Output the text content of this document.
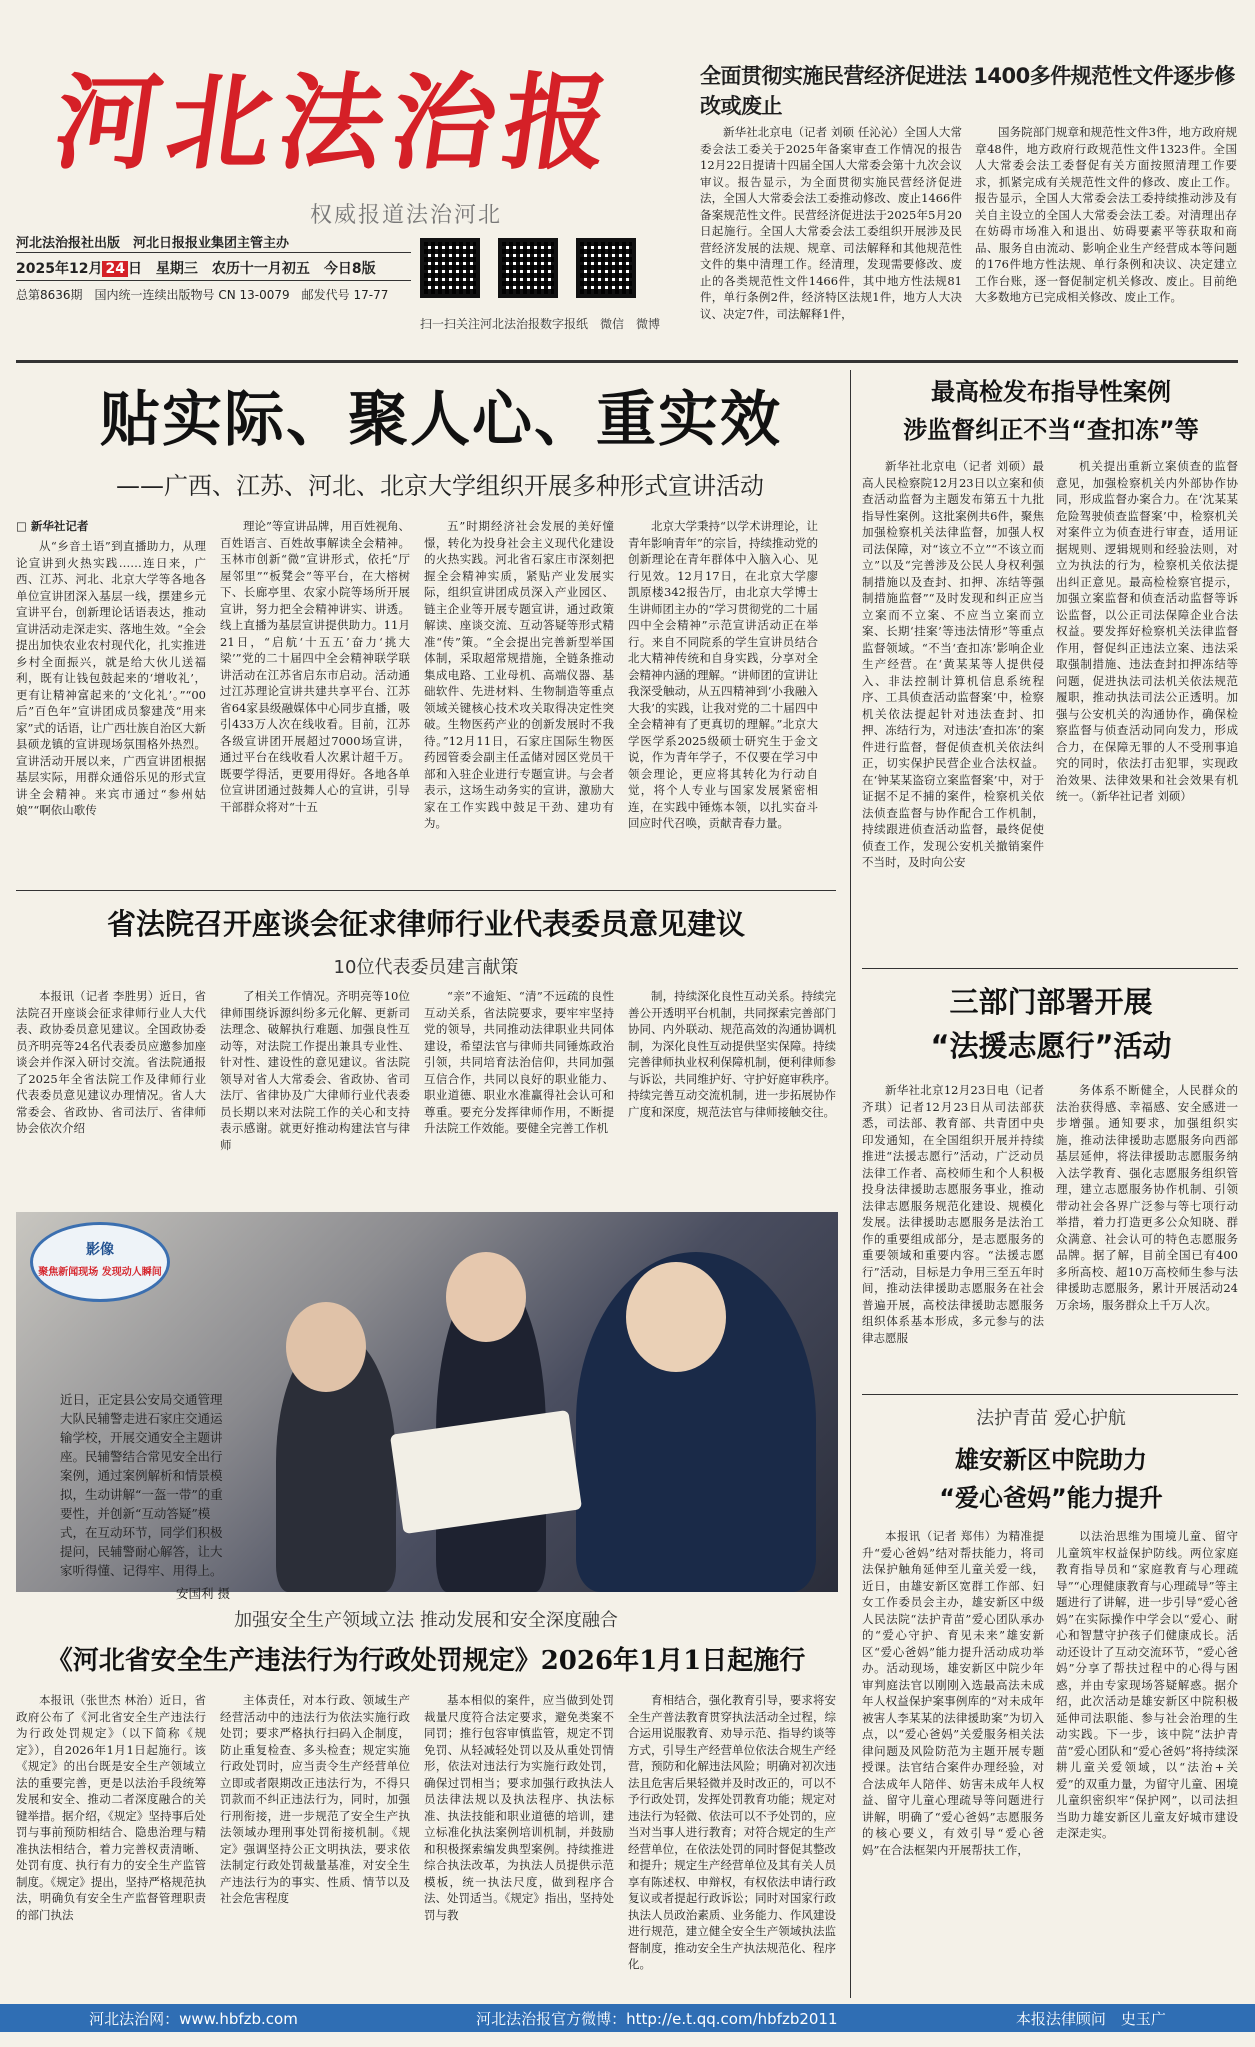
河北法治报
权威报道法治河北
河北法治报社出版　河北日报报业集团主管主办
2025年12月 24 日　星期三　农历十一月初五　今日8版
总第8636期　国内统一连续出版物号 CN 13-0079　邮发代号 17-77
扫一扫关注河北法治报数字报纸　微信　微博
全面贯彻实施民营经济促进法 1400多件规范性文件逐步修改或废止

新华社北京电（记者 刘硕 任沁沁）全国人大常委会法工委关于2025年备案审查工作情况的报告12月22日提请十四届全国人大常委会第十九次会议审议。报告显示，为全面贯彻实施民营经济促进法，全国人大常委会法工委推动修改、废止1466件备案规范性文件。民营经济促进法于2025年5月20日起施行。全国人大常委会法工委组织开展涉及民营经济发展的法规、规章、司法解释和其他规范性文件的集中清理工作。经清理，发现需要修改、废止的各类规范性文件1466件，其中地方性法规81件，单行条例2件，经济特区法规1件，地方人大决议、决定7件，司法解释1件，

国务院部门规章和规范性文件3件，地方政府规章48件，地方政府行政规范性文件1323件。全国人大常委会法工委督促有关方面按照清理工作要求，抓紧完成有关规范性文件的修改、废止工作。报告显示，全国人大常委会法工委持续推动涉及有关自主设立的全国人大常委会法工委。对清理出存在妨碍市场准入和退出、妨碍要素平等获取和商品、服务自由流动、影响企业生产经营成本等问题的176件地方性法规、单行条例和决议、决定建立工作台账，逐一督促制定机关修改、废止。目前绝大多数地方已完成相关修改、废止工作。

贴实际、聚人心、重实效
——广西、江苏、河北、北京大学组织开展多种形式宣讲活动
□ 新华社记者

从“乡音土语”到直播助力，从理论宣讲到火热实践……连日来，广西、江苏、河北、北京大学等各地各单位宣讲团深入基层一线，摆建乡元宣讲平台，创新理论话语表达，推动宣讲活动走深走实、落地生效。“全会提出加快农业农村现代化，扎实推进乡村全面振兴，就是给大伙儿送福利，既有让钱包鼓起来的‘增收礼’，更有让精神富起来的‘文化礼’。”“00后”百色年”宣讲团成员黎建茂“用来家”式的话语，让广西壮族自治区大新县硕龙镇的宣讲现场氛围格外热烈。宣讲活动开展以来，广西宣讲团根据基层实际，用群众通俗乐见的形式宣讲全会精神。来宾市通过“参州姑娘”“啊依山歌传

理论”等宣讲品牌，用百姓视角、百姓语言、百姓故事解读全会精神。玉林市创新“微”宣讲形式，依托“厅屋邻里”“板凳会”等平台，在大榕树下、长廊亭里、农家小院等场所开展宣讲，努力把全会精神讲实、讲透。线上直播为基层宣讲提供助力。11月21日，“启航‘十五五’奋力‘挑大梁’”党的二十届四中全会精神联学联讲活动在江苏省启东市启动。活动通过江苏理论宣讲共建共享平台、江苏省64家县级融媒体中心同步直播，吸引433万人次在线收看。目前，江苏各级宣讲团开展超过7000场宣讲，通过平台在线收看人次累计超千万。既要学得活，更要用得好。各地各单位宣讲团通过鼓舞人心的宣讲，引导干部群众将对“十五

五”时期经济社会发展的美好憧憬，转化为投身社会主义现代化建设的火热实践。河北省石家庄市深刻把握全会精神实质，紧贴产业发展实际，组织宣讲团成员深入产业园区、链主企业等开展专题宣讲，通过政策解读、座谈交流、互动答疑等形式精准“传”策。“全会提出完善新型举国体制，采取超常规措施，全链条推动集成电路、工业母机、高端仪器、基础软件、先进材料、生物制造等重点领域关键核心技术攻关取得决定性突破。生物医药产业的创新发展时不我待。”12月11日，石家庄国际生物医药园管委会副主任孟储对园区党员干部和入驻企业进行专题宣讲。与会者表示，这场生动务实的宣讲，激励大家在工作实践中鼓足干劲、建功有为。

北京大学秉持“以学术讲理论，让青年影响青年”的宗旨，持续推动党的创新理论在青年群体中入脑入心、见行见效。12月17日，在北京大学廖凯原楼342报告厅，由北京大学博士生讲师团主办的“学习贯彻党的二十届四中全会精神”示范宣讲活动正在举行。来自不同院系的学生宣讲员结合北大精神传统和自身实践，分享对全会精神内涵的理解。“讲师团的宣讲让我深受触动，从五四精神到‘小我融入大我’的实践，让我对党的二十届四中全会精神有了更真切的理解。”北京大学医学系2025级硕士研究生于金文说，作为青年学子，不仅要在学习中领会理论，更应将其转化为行动自觉，将个人专业与国家发展紧密相连，在实践中锤炼本领，以扎实奋斗回应时代召唤，贡献青春力量。

省法院召开座谈会征求律师行业代表委员意见建议
10位代表委员建言献策

本报讯（记者 李胜男）近日，省法院召开座谈会征求律师行业人大代表、政协委员意见建议。全国政协委员齐明亮等24名代表委员应邀参加座谈会并作深入研讨交流。省法院通报了2025年全省法院工作及律师行业代表委员意见建议办理情况。省人大常委会、省政协、省司法厅、省律师协会依次介绍

了相关工作情况。齐明亮等10位律师围绕诉源纠纷多元化解、更新司法理念、破解执行难题、加强良性互动等，对法院工作提出兼具专业性、针对性、建设性的意见建议。省法院领导对省人大常委会、省政协、省司法厅、省律协及广大律师行业代表委员长期以来对法院工作的关心和支持表示感谢。就更好推动构建法官与律师

“亲”不逾矩、“清”不远疏的良性互动关系，省法院要求，要牢牢坚持党的领导，共同推动法律职业共同体建设，希望法官与律师共同锤炼政治引领，共同培育法治信仰，共同加强互信合作，共同以良好的职业能力、职业道德、职业水准赢得社会认可和尊重。要充分发挥律师作用，不断提升法院工作效能。要健全完善工作机

制，持续深化良性互动关系。持续完善公开透明平台机制，共同探索完善部门协同、内外联动、规范高效的沟通协调机制，为深化良性互动提供坚实保障。持续完善律师执业权利保障机制，便利律师参与诉讼，共同维护好、守护好庭审秩序。持续完善互动交流机制，进一步拓展协作广度和深度，规范法官与律师接触交往。

影像
聚焦新闻现场 发现动人瞬间
近日，正定县公安局交通管理大队民辅警走进石家庄交通运输学校，开展交通安全主题讲座。民辅警结合常见安全出行案例，通过案例解析和情景模拟，生动讲解“一盔一带”的重要性，并创新“互动答疑”模式，在互动环节，同学们积极提问，民辅警耐心解答，让大家听得懂、记得牢、用得上。
安国利 摄
加强安全生产领域立法 推动发展和安全深度融合
《河北省安全生产违法行为行政处罚规定》2026年1月1日起施行

本报讯（张世杰 林治）近日，省政府公布了《河北省安全生产违法行为行政处罚规定》（以下简称《规定》），自2026年1月1日起施行。该《规定》的出台既是安全生产领域立法的重要完善，更是以法治手段统筹发展和安全、推动二者深度融合的关键举措。据介绍，《规定》坚持事后处罚与事前预防相结合、隐患治理与精准执法相结合，着力完善权责清晰、处罚有度、执行有力的安全生产监管制度。《规定》提出，坚持严格规范执法，明确负有安全生产监督管理职责的部门执法

主体责任，对本行政、领域生产经营活动中的违法行为依法实施行政处罚；要求严格执行扫码入企制度，防止重复检查、多头检查；规定实施行政处罚时，应当责令生产经营单位立即或者限期改正违法行为，不得只罚款而不纠正违法行为，同时，加强行刑衔接，进一步规范了安全生产执法领域办理刑事处罚衔接机制。《规定》强调坚持公正文明执法，要求依法制定行政处罚裁量基准，对安全生产违法行为的事实、性质、情节以及社会危害程度

基本相似的案件，应当做到处罚裁量尺度符合法定要求，避免类案不同罚；推行包容审慎监管，规定不罚免罚、从轻减轻处罚以及从重处罚情形，依法对违法行为实施行政处罚，确保过罚相当；要求加强行政执法人员法律法规以及执法程序、执法标准、执法技能和职业道德的培训，建立标准化执法案例培训机制，并鼓励和积极探索编发典型案例。持续推进综合执法改革，为执法人员提供示范模板，统一执法尺度，做到程序合法、处罚适当。《规定》指出，坚持处罚与教

育相结合，强化教育引导，要求将安全生产普法教育贯穿执法活动全过程，综合运用说服教育、劝导示范、指导约谈等方式，引导生产经营单位依法合规生产经营，预防和化解违法风险；明确对初次违法且危害后果轻微并及时改正的，可以不予行政处罚，发挥处罚教育功能；规定对违法行为轻微、依法可以不予处罚的，应当对当事人进行教育；对符合规定的生产经营单位，在依法处罚的同时督促其整改和提升；规定生产经营单位及其有关人员享有陈述权、申辩权，有权依法申请行政复议或者提起行政诉讼；同时对国家行政执法人员政治素质、业务能力、作风建设进行规范，建立健全安全生产领域执法监督制度，推动安全生产执法规范化、程序化。

最高检发布指导性案例
涉监督纠正不当“查扣冻”等

新华社北京电（记者 刘硕）最高人民检察院12月23日以立案和侦查活动监督为主题发布第五十九批指导性案例。这批案例共6件，聚焦加强检察机关法律监督，加强人权司法保障，对“该立不立”“不该立而立”以及“完善涉及公民人身权利强制措施以及查封、扣押、冻结等强制措施监督”“及时发现和纠正应当立案而不立案、不应当立案而立案、长期‘挂案’等违法情形”等重点监督领域。“不当‘查扣冻’影响企业生产经营。在‘黄某某等人提供侵入、非法控制计算机信息系统程序、工具侦查活动监督案’中，检察机关依法提起针对违法查封、扣押、冻结行为，对违法‘查扣冻’的案件进行监督，督促侦查机关依法纠正，切实保护民营企业合法权益。在‘钟某某盗窃立案监督案’中，对于证据不足不捕的案件，检察机关依法侦查监督与协作配合工作机制，持续跟进侦查活动监督，最终促使侦查工作，发现公安机关撤销案件不当时，及时向公安

机关提出重新立案侦查的监督意见，加强检察机关内外部协作协同，形成监督办案合力。在‘沈某某危险驾驶侦查监督案’中，检察机关对案件立为侦查进行审查，适用证据规则、逻辑规则和经验法则，对立为执法的行为，检察机关依法提出纠正意见。最高检检察官提示，加强立案监督和侦查活动监督等诉讼监督，以公正司法保障企业合法权益。要发挥好检察机关法律监督作用，督促纠正违法立案、违法采取强制措施、违法查封扣押冻结等问题，促进执法司法机关依法规范履职，推动执法司法公正透明。加强与公安机关的沟通协作，确保检察监督与侦查活动同向发力，形成合力，在保障无罪的人不受刑事追究的同时，依法打击犯罪，实现政治效果、法律效果和社会效果有机统一。（新华社记者 刘硕）

三部门部署开展
“法援志愿行”活动

新华社北京12月23日电（记者 齐琪）记者12月23日从司法部获悉，司法部、教育部、共青团中央印发通知，在全国组织开展并持续推进“法援志愿行”活动，广泛动员法律工作者、高校师生和个人积极投身法律援助志愿服务事业，推动法律志愿服务规范化建设、规模化发展。法律援助志愿服务是法治工作的重要组成部分，是志愿服务的重要领域和重要内容。“法援志愿行”活动，目标是力争用三至五年时间，推动法律援助志愿服务在社会普遍开展，高校法律援助志愿服务组织体系基本形成，多元参与的法律志愿服

务体系不断健全，人民群众的法治获得感、幸福感、安全感进一步增强。通知要求，加强组织实施，推动法律援助志愿服务向西部基层延伸，将法律援助志愿服务纳入法学教育、强化志愿服务组织管理，建立志愿服务协作机制、引领带动社会各界广泛参与等七项行动举措，着力打造更多公众知晓、群众满意、社会认可的特色志愿服务品牌。据了解，目前全国已有400多所高校、超10万高校师生参与法律援助志愿服务，累计开展活动24万余场，服务群众上千万人次。

法护青苗 爱心护航
雄安新区中院助力
“爱心爸妈”能力提升

本报讯（记者 郑伟）为精准提升“爱心爸妈”结对帮扶能力，将司法保护触角延伸至儿童关爱一线，近日，由雄安新区宽群工作部、妇女工作委员会主办，雄安新区中级人民法院“法护青苗”爱心团队承办的“爱心守护、育见未来”雄安新区“爱心爸妈”能力提升活动成功举办。活动现场，雄安新区中院少年审判庭法官以刚刚入选最高法未成年人权益保护案事例库的“对未成年被害人李某某的法律援助案”为切入点，以“爱心爸妈”关爱服务相关法律问题及风险防范为主题开展专题授课。法官结合案件办理经验，对合法成年人陪伴、妨害未成年人权益、留守儿童心理疏导等问题进行讲解，明确了“爱心爸妈”志愿服务的核心要义，有效引导“爱心爸妈”在合法框架内开展帮扶工作，

以法治思维为围境儿童、留守儿童筑牢权益保护防线。两位家庭教育指导员和“家庭教育与心理疏导”“心理健康教育与心理疏导”等主题进行了讲解，进一步引导“爱心爸妈”在实际操作中学会以“爱心、耐心和智慧守护孩子们健康成长。活动还设计了互动交流环节，“爱心爸妈”分享了帮扶过程中的心得与困惑，并由专家现场答疑解惑。据介绍，此次活动是雄安新区中院积极延伸司法职能、参与社会治理的生动实践。下一步，该中院“法护青苗”爱心团队和“爱心爸妈”将持续深耕儿童关爱领域，以“法治+关爱”的双重力量，为留守儿童、困境儿童织密织牢“保护网”，以司法担当助力雄安新区儿童友好城市建设走深走实。

河北法治网：www.hbfzb.com	河北法治报官方微博：http://e.t.qq.com/hbfzb2011	本报法律顾问　史玉广
